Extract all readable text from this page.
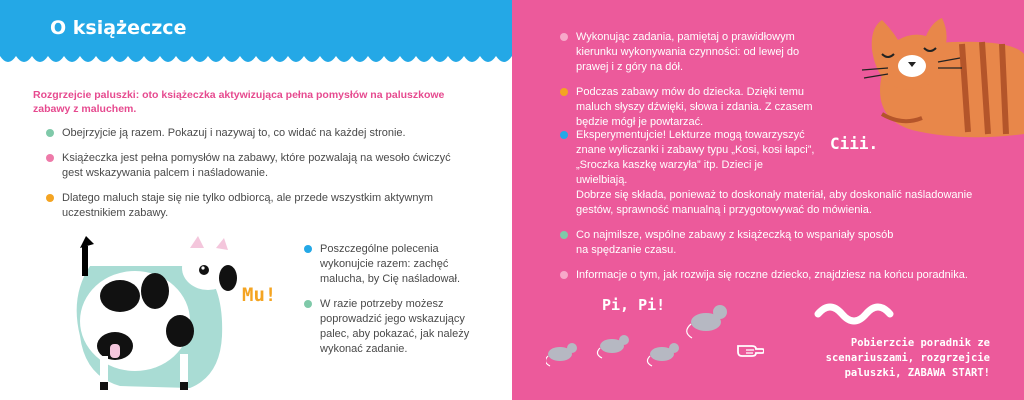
O książeczce
Rozgrzejcie paluszki: oto książeczka aktywizująca pełna pomysłów na paluszkowe zabawy z maluchem.
Obejrzyjcie ją razem. Pokazuj i nazywaj to, co widać na każdej stronie.
Książeczka jest pełna pomysłów na zabawy, które pozwalają na wesoło ćwiczyć gest wskazywania palcem i naśladowanie.
Dlatego maluch staje się nie tylko odbiorcą, ale przede wszystkim aktywnym uczestnikiem zabawy.
Mu!
Poszczególne polecenia wykonujcie razem: zachęć malucha, by Cię naśladował.
W razie potrzeby możesz poprowadzić jego wskazujący palec, aby pokazać, jak należy wykonać zadanie.
Wykonując zadania, pamiętaj o prawidłowym kierunku wykonywania czynności: od lewej do prawej i z góry na dół.
Podczas zabawy mów do dziecka. Dzięki temu maluch słyszy dźwięki, słowa i zdania. Z czasem będzie mógł je powtarzać.
Eksperymentujcie! Lekturze mogą towarzyszyć znane wyliczanki i zabawy typu „Kosi, kosi łapci”, „Sroczka kaszkę warzyła” itp. Dzieci je uwielbiają.
Dobrze się składa, ponieważ to doskonały materiał, aby doskonalić naśladowanie gestów, sprawność manualną i przygotowywać do mówienia.
Co najmilsze, wspólne zabawy z książeczką to wspaniały sposób na spędzanie czasu.
Informacje o tym, jak rozwija się roczne dziecko, znajdziesz na końcu poradnika.
Ciii.
Pi, Pi!
Pobierzcie poradnik ze scenariuszami, rozgrzejcie paluszki, ZABAWA START!
